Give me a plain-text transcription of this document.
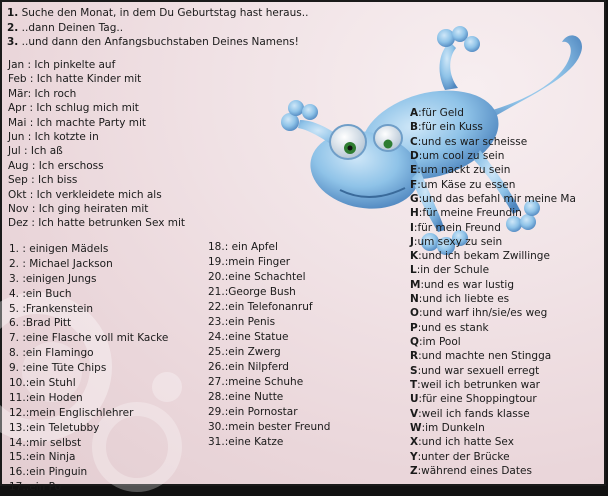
1. Suche den Monat, in dem Du Geburtstag hast heraus..
2. ..dann Deinen Tag..
3. ..und dann den Anfangsbuchstaben Deines Namens!
Jan : Ich pinkelte auf
Feb : Ich hatte Kinder mit
Mär: Ich roch
Apr : Ich schlug mich mit
Mai : Ich machte Party mit
Jun : Ich kotzte in
Jul : Ich aß
Aug : Ich erschoss
Sep : Ich biss
Okt : Ich verkleidete mich als
Nov : Ich ging heiraten mit
Dez : Ich hatte betrunken Sex mit
1. : einigen Mädels
2. : Michael Jackson
3. :einigen Jungs
4. :ein Buch
5. :Frankenstein
6. :Brad Pitt
7. :eine Flasche voll mit Kacke
8. :ein Flamingo
9. :eine Tüte Chips
10.:ein Stuhl
11.:ein Hoden
12.:mein Englischlehrer
13.:ein Teletubby
14.:mir selbst
15.:ein Ninja
16.:ein Pinguin
17.:ein Po
18.: ein Apfel
19.:mein Finger
20.:eine Schachtel
21.:George Bush
22.:ein Telefonanruf
23.:ein Penis
24.:eine Statue
25.:ein Zwerg
26.:ein Nilpferd
27.:meine Schuhe
28.:eine Nutte
29.:ein Pornostar
30.:mein bester Freund
31.:eine Katze
A:für Geld
B:für ein Kuss
C:und es war scheisse
D:um cool zu sein
E:um nackt zu sein
F:um Käse zu essen
G:und das befahl mir meine Ma
H:für meine Freundin
I:für mein Freund
J:um sexy zu sein
K:und ich bekam Zwillinge
L:in der Schule
M:und es war lustig
N:und ich liebte es
O:und warf ihn/sie/es weg
P:und es stank
Q:im Pool
R:und machte nen Stingga
S:und war sexuell erregt
T:weil ich betrunken war
U:für eine Shoppingtour
V:weil ich fands klasse
W:im Dunkeln
X:und ich hatte Sex
Y:unter der Brücke
Z:während eines Dates
